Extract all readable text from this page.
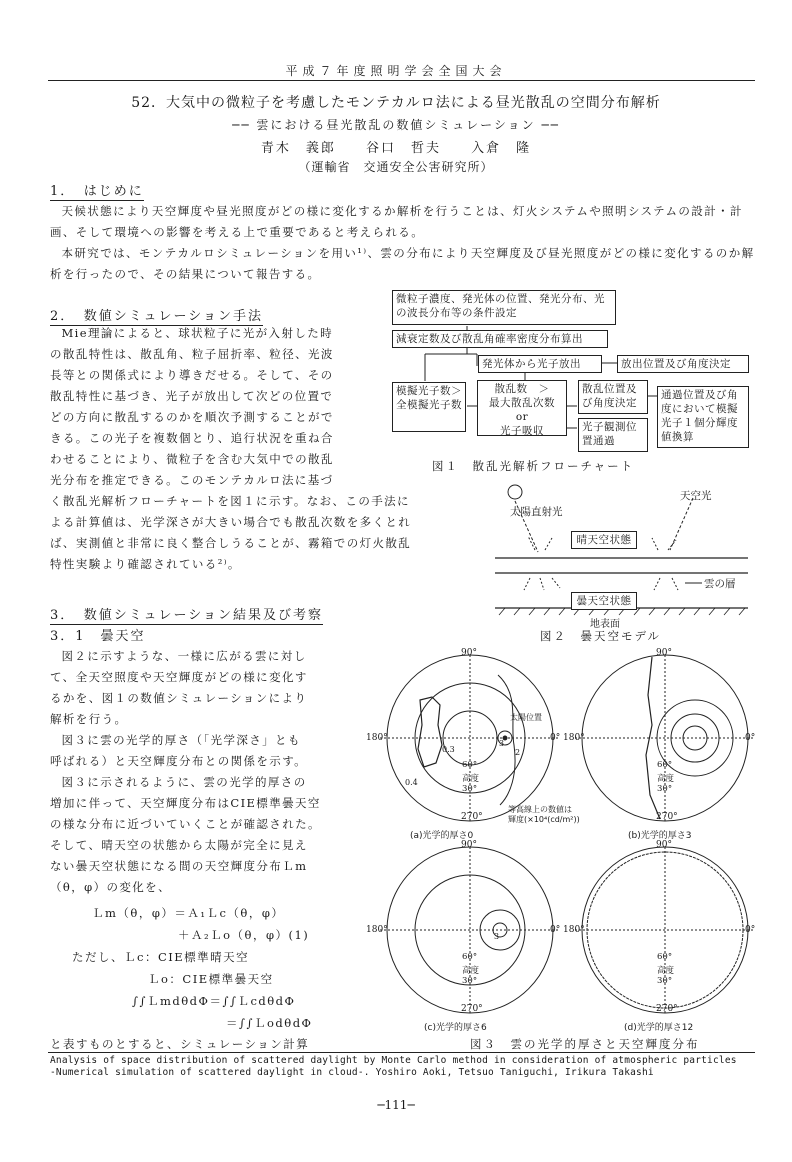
平成７年度照明学会全国大会
52．大気中の微粒子を考慮したモンテカルロ法による昼光散乱の空間分布解析
── 雲における昼光散乱の数値シミュレーション ──
青木　義郎 谷口　哲夫 入倉　隆
（運輸省　交通安全公害研究所）
1．　はじめに
天候状態により天空輝度や昼光照度がどの様に変化するか解析を行うことは、灯火システムや照明システムの設計・計画、そして環境への影響を考える上で重要であると考えられる。
本研究では、モンテカルロシミュレーションを用い¹⁾、雲の分布により天空輝度及び昼光照度がどの様に変化するのか解析を行ったので、その結果について報告する。
2．　数値シミュレーション手法
Mie理論によると、球状粒子に光が入射した時
の散乱特性は、散乱角、粒子屈折率、粒径、光波
長等との関係式により導きだせる。そして、その
散乱特性に基づき、光子が放出して次どの位置で
どの方向に散乱するのかを順次予測することがで
きる。この光子を複数個とり、追行状況を重ね合
わせることにより、微粒子を含む大気中での散乱
光分布を推定できる。このモンテカルロ法に基づ
く散乱光解析フローチャートを図１に示す。なお、この手法に
よる計算値は、光学深さが大きい場合でも散乱次数を多くとれ
ば、実測値と非常に良く整合しうることが、霧箱での灯火散乱
特性実験より確認されている²⁾。
微粒子濃度、発光体の位置、発光分布、光の波長分布等の条件設定
減衰定数及び散乱角確率密度分布算出
発光体から光子放出	放出位置及び角度決定
模擬光子数＞全模擬光子数
散乱数　＞
最大散乱次数
or
光子吸収
散乱位置及び角度決定
光子観測位置通過
通過位置及び角度において模擬光子１個分輝度値換算
図１　散乱光解析フローチャート
太陽直射光
天空光
晴天空状態
雲の層
曇天空状態
地表面
図２　曇天空モデル
3．　数値シミュレーション結果及び考察
3．1　曇天空
図２に示すような、一様に広がる雲に対し
て、全天空照度や天空輝度がどの様に変化す
るかを、図１の数値シミュレーションにより
解析を行う。
図３に雲の光学的厚さ（「光学深さ」とも
呼ばれる）と天空輝度分布との関係を示す。
図３に示されるように、雲の光学的厚さの
増加に伴って、天空輝度分布はCIE標準曇天空
の様な分布に近づいていくことが確認された。
そして、晴天空の状態から太陽が完全に見え
ない曇天空状態になる間の天空輝度分布Ｌm
（θ，φ）の変化を、
Ｌm（θ，φ）＝Ａ₁Ｌc（θ，φ）
＋Ａ₂Ｌo（θ，φ）(1)
ただし、Ｌc：CIE標準晴天空
Ｌo：CIE標準曇天空
∫∫ＬmdθdΦ＝∫∫ＬcdθdΦ
＝∫∫ＬodθdΦ
と表すものとすると、シミュレーション計算
90°
180°	0°
270°
太陽位置
60°
高度
30°
0.3
0.4
3
2
等高線上の数値は
輝度(×10⁴(cd/m²))
(a)光学的厚さ0
90°
180°	0°
270°
60°
高度
30°
(b)光学的厚さ3
90°
180°	0°
270°
60°
高度
30°
3
(c)光学的厚さ6
90°
180°	0°
270°
60°
高度
30°
(d)光学的厚さ12
図３　雲の光学的厚さと天空輝度分布
Analysis of space distribution of scattered daylight by Monte Carlo method in consideration of atmospheric particles
-Numerical simulation of scattered daylight in cloud-. Yoshiro Aoki, Tetsuo Taniguchi, Irikura Takashi
─111─
